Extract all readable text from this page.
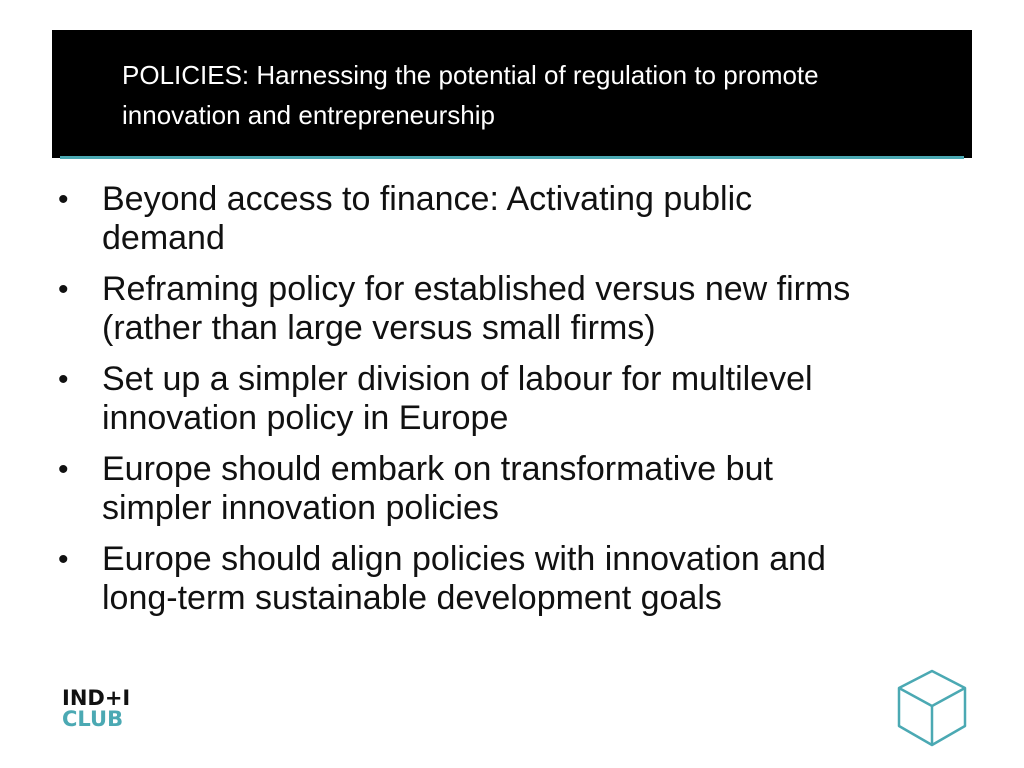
POLICIES: Harnessing the potential of regulation to promote
innovation and entrepreneurship
• Beyond access to finance: Activating public
demand
• Reframing policy for established versus new firms
(rather than large versus small firms)
• Set up a simpler division of labour for multilevel
innovation policy in Europe
• Europe should embark on transformative but
simpler innovation policies
• Europe should align policies with innovation and
long-term sustainable development goals
IND+I
CLUB
